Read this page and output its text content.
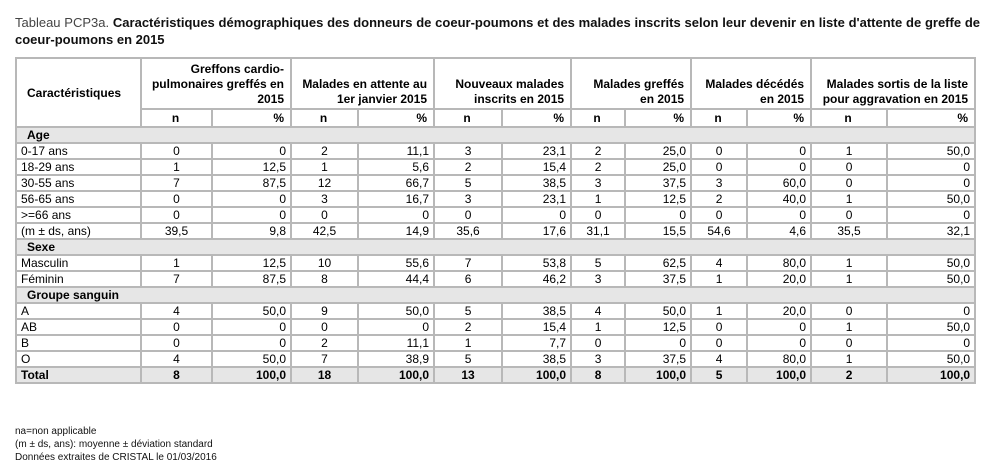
Tableau PCP3a. Caractéristiques démographiques des donneurs de coeur-poumons et des malades inscrits selon leur devenir en liste d'attente de greffe de coeur-poumons en 2015
Caractéristiques	Greffons cardio-pulmonaires greffés en 2015		Malades en attente au 1er janvier 2015		Nouveaux malades inscrits en 2015		Malades greffés en 2015		Malades décédés en 2015		Malades sortis de la liste pour aggravation en 2015	
	n	%	n	%	n	%	n	%	n	%	n	%
Age												
0-17 ans	0	0	2	11,1	3	23,1	2	25,0	0	0	1	50,0
18-29 ans	1	12,5	1	5,6	2	15,4	2	25,0	0	0	0	0
30-55 ans	7	87,5	12	66,7	5	38,5	3	37,5	3	60,0	0	0
56-65 ans	0	0	3	16,7	3	23,1	1	12,5	2	40,0	1	50,0
>=66 ans	0	0	0	0	0	0	0	0	0	0	0	0
(m ± ds, ans)	39,5	9,8	42,5	14,9	35,6	17,6	31,1	15,5	54,6	4,6	35,5	32,1
Sexe												
Masculin	1	12,5	10	55,6	7	53,8	5	62,5	4	80,0	1	50,0
Féminin	7	87,5	8	44,4	6	46,2	3	37,5	1	20,0	1	50,0
Groupe sanguin												
A	4	50,0	9	50,0	5	38,5	4	50,0	1	20,0	0	0
AB	0	0	0	0	2	15,4	1	12,5	0	0	1	50,0
B	0	0	2	11,1	1	7,7	0	0	0	0	0	0
O	4	50,0	7	38,9	5	38,5	3	37,5	4	80,0	1	50,0
Total	8	100,0	18	100,0	13	100,0	8	100,0	5	100,0	2	100,0
na=non applicable
(m ± ds, ans): moyenne ± déviation standard
Données extraites de CRISTAL le 01/03/2016
